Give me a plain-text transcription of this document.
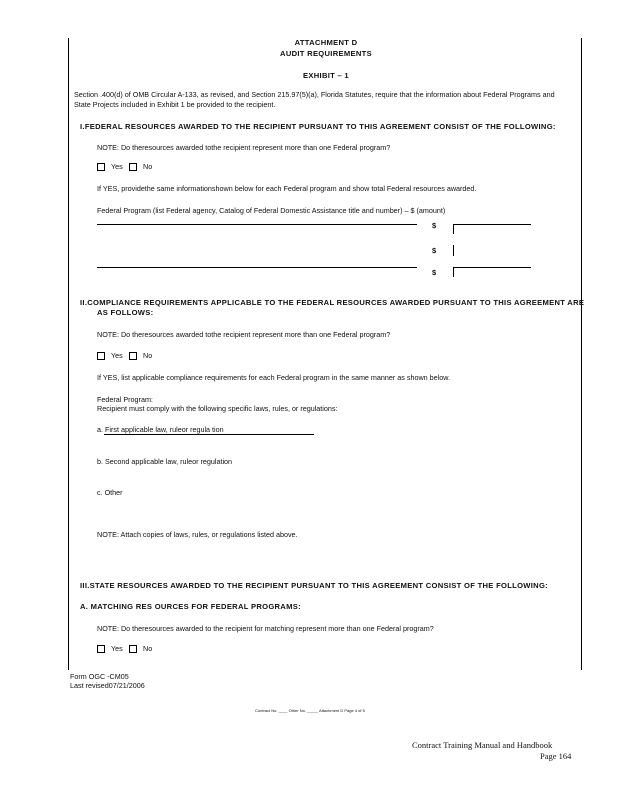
ATTACHMENT D
AUDIT REQUIREMENTS
EXHIBIT – 1
Section .400(d) of OMB Circular A-133, as revised, and Section 215.97(5)(a), Florida Statutes, require that the information about Federal Programs and
State Projects included in Exhibit 1 be provided to the recipient.
I.FEDERAL RESOURCES AWARDED TO THE RECIPIENT PURSUANT TO THIS AGREEMENT CONSIST OF THE FOLLOWING:
NOTE: Do theresources awarded tothe recipient represent more than one Federal program?
Yes	No
If YES, providethe same informationshown below for each Federal program and show total Federal resources awarded.
Federal Program (list Federal agency, Catalog of Federal Domestic Assistance title and number) – $ (amount)
$
$
$
II.COMPLIANCE REQUIREMENTS APPLICABLE TO THE FEDERAL RESOURCES AWARDED PURSUANT TO THIS AGREEMENT ARE
AS FOLLOWS:
NOTE: Do theresources awarded tothe recipient represent more than one Federal program?
Yes	No
If YES, list applicable compliance requirements for each Federal program in the same manner as shown below.
Federal Program:
Recipient must comply with the following specific laws, rules, or regulations:
a. First applicable law, ruleor regula tion
b. Second applicable law, ruleor regulation
c. Other
NOTE: Attach copies of laws, rules, or regulations listed above.
III.STATE RESOURCES AWARDED TO THE RECIPIENT PURSUANT TO THIS AGREEMENT CONSIST OF THE FOLLOWING:
A. MATCHING RES OURCES FOR FEDERAL PROGRAMS:
NOTE: Do theresources awarded to the recipient for matching represent more than one Federal program?
Yes	No
Form OGC -CM05
Last revised07/21/2006
Contract No. ____ Other No. _____ Attachment D Page 4 of 5
Contract Training Manual and Handbook
Page 164
